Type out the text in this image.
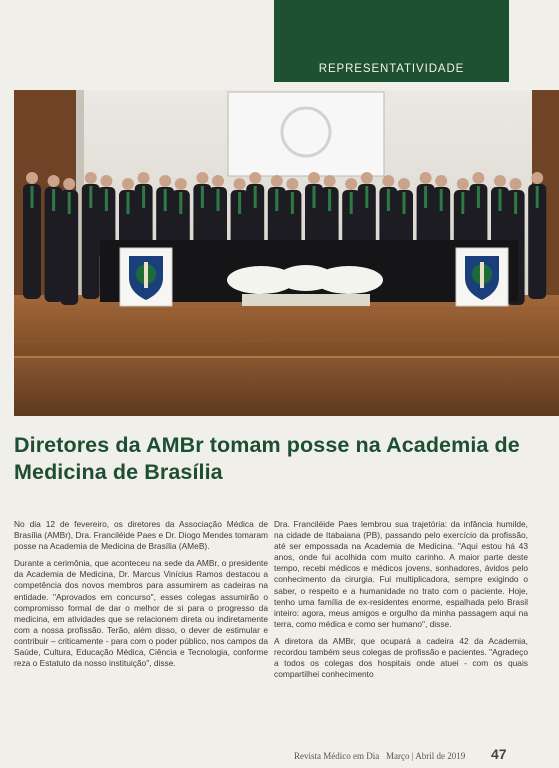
REPRESENTATIVIDADE
Diretores da AMBr tomam posse na Academia de Medicina de Brasília

No dia 12 de fevereiro, os diretores da Associação Médica de Brasília (AMBr), Dra. Franciléide Paes e Dr. Diogo Mendes tomaram posse na Academia de Medicina de Brasília (AMeB).

Durante a cerimônia, que aconteceu na sede da AMBr, o presidente da Academia de Medicina, Dr. Marcus Vinícius Ramos destacou a competência dos novos membros para assumirem as cadeiras na entidade. "Aprovados em concurso", esses colegas assumirão o compromisso formal de dar o melhor de si para o progresso da medicina, em atividades que se relacionem direta ou indiretamente com a nossa profissão. Terão, além disso, o dever de estimular e contribuir – criticamente - para com o poder público, nos campos da Saúde, Cultura, Educação Médica, Ciência e Tecnologia, conforme reza o Estatuto da nosso instituição", disse.

Dra. Franciléide Paes lembrou sua trajetória: da infância humilde, na cidade de Itabaiana (PB), passando pelo exercício da profissão, até ser empossada na Academia de Medicina. "Aqui estou há 43 anos, onde fui acolhida com muito carinho. A maior parte deste tempo, recebi médicos e médicos jovens, sonhadores, ávidos pelo conhecimento da cirurgia. Fui multiplicadora, sempre exigindo o saber, o respeito e a humanidade no trato com o paciente. Hoje, tenho uma família de ex-residentes enorme, espalhada pelo Brasil inteiro: agora, meus amigos e orgulho da minha passagem aqui na terra, como médica e como ser humano", disse.

A diretora da AMBr, que ocupará a cadeira 42 da Academia, recordou também seus colegas de profissão e pacientes. "Agradeço a todos os colegas dos hospitais onde atuei - com os quais compartilhei conhecimento

Revista Médico em Dia Março | Abril de 2019 47
